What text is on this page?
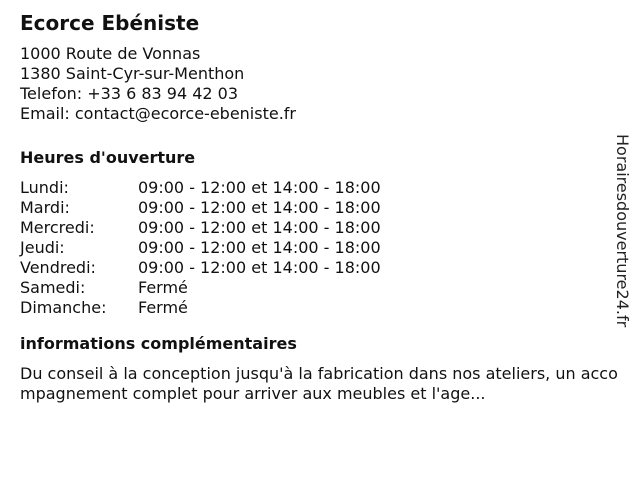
Ecorce Ebéniste
1000 Route de Vonnas
1380 Saint-Cyr-sur-Menthon
Telefon: +33 6 83 94 42 03
Email: contact@ecorce-ebeniste.fr
Heures d'ouverture
Lundi:	09:00 - 12:00 et 14:00 - 18:00
Mardi:	09:00 - 12:00 et 14:00 - 18:00
Mercredi:	09:00 - 12:00 et 14:00 - 18:00
Jeudi:	09:00 - 12:00 et 14:00 - 18:00
Vendredi:	09:00 - 12:00 et 14:00 - 18:00
Samedi:	Fermé
Dimanche:	Fermé
informations complémentaires
Du conseil à la conception jusqu'à la fabrication dans nos ateliers, un accompagnement complet pour arriver aux meubles et l'age...
Horairesdouverture24.fr
